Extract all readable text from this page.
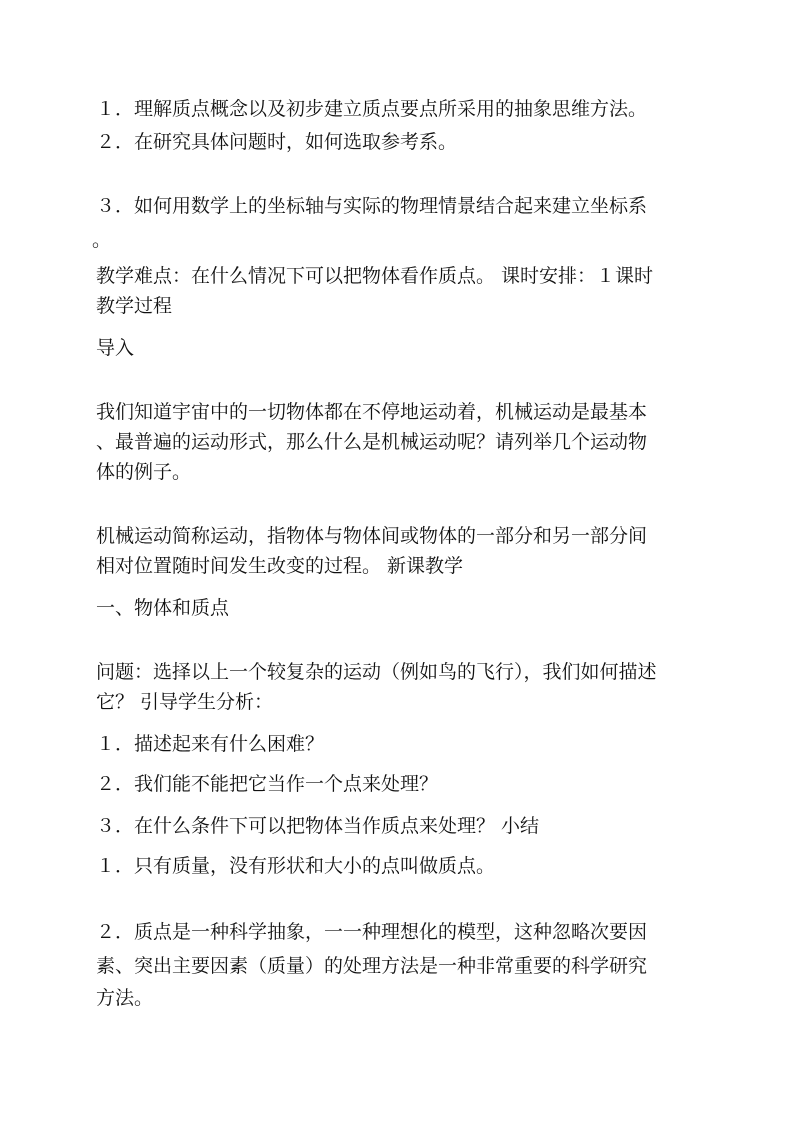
１．理解质点概念以及初步建立质点要点所采用的抽象思维方法。
２．在研究具体问题时，如何选取参考系。
３．如何用数学上的坐标轴与实际的物理情景结合起来建立坐标系
。
教学难点：在什么情况下可以把物体看作质点。 课时安排：１课时
教学过程
导入
我们知道宇宙中的一切物体都在不停地运动着，机械运动是最基本
、最普遍的运动形式，那么什么是机械运动呢？请列举几个运动物
体的例子。
机械运动简称运动，指物体与物体间或物体的一部分和另一部分间
相对位置随时间发生改变的过程。 新课教学
一、物体和质点
问题：选择以上一个较复杂的运动（例如鸟的飞行），我们如何描述
它？ 引导学生分析：
１．描述起来有什么困难？
２．我们能不能把它当作一个点来处理？
３．在什么条件下可以把物体当作质点来处理？ 小结
１．只有质量，没有形状和大小的点叫做质点。
２．质点是一种科学抽象，一一种理想化的模型，这种忽略次要因
素、突出主要因素（质量）的处理方法是一种非常重要的科学研究
方法。
